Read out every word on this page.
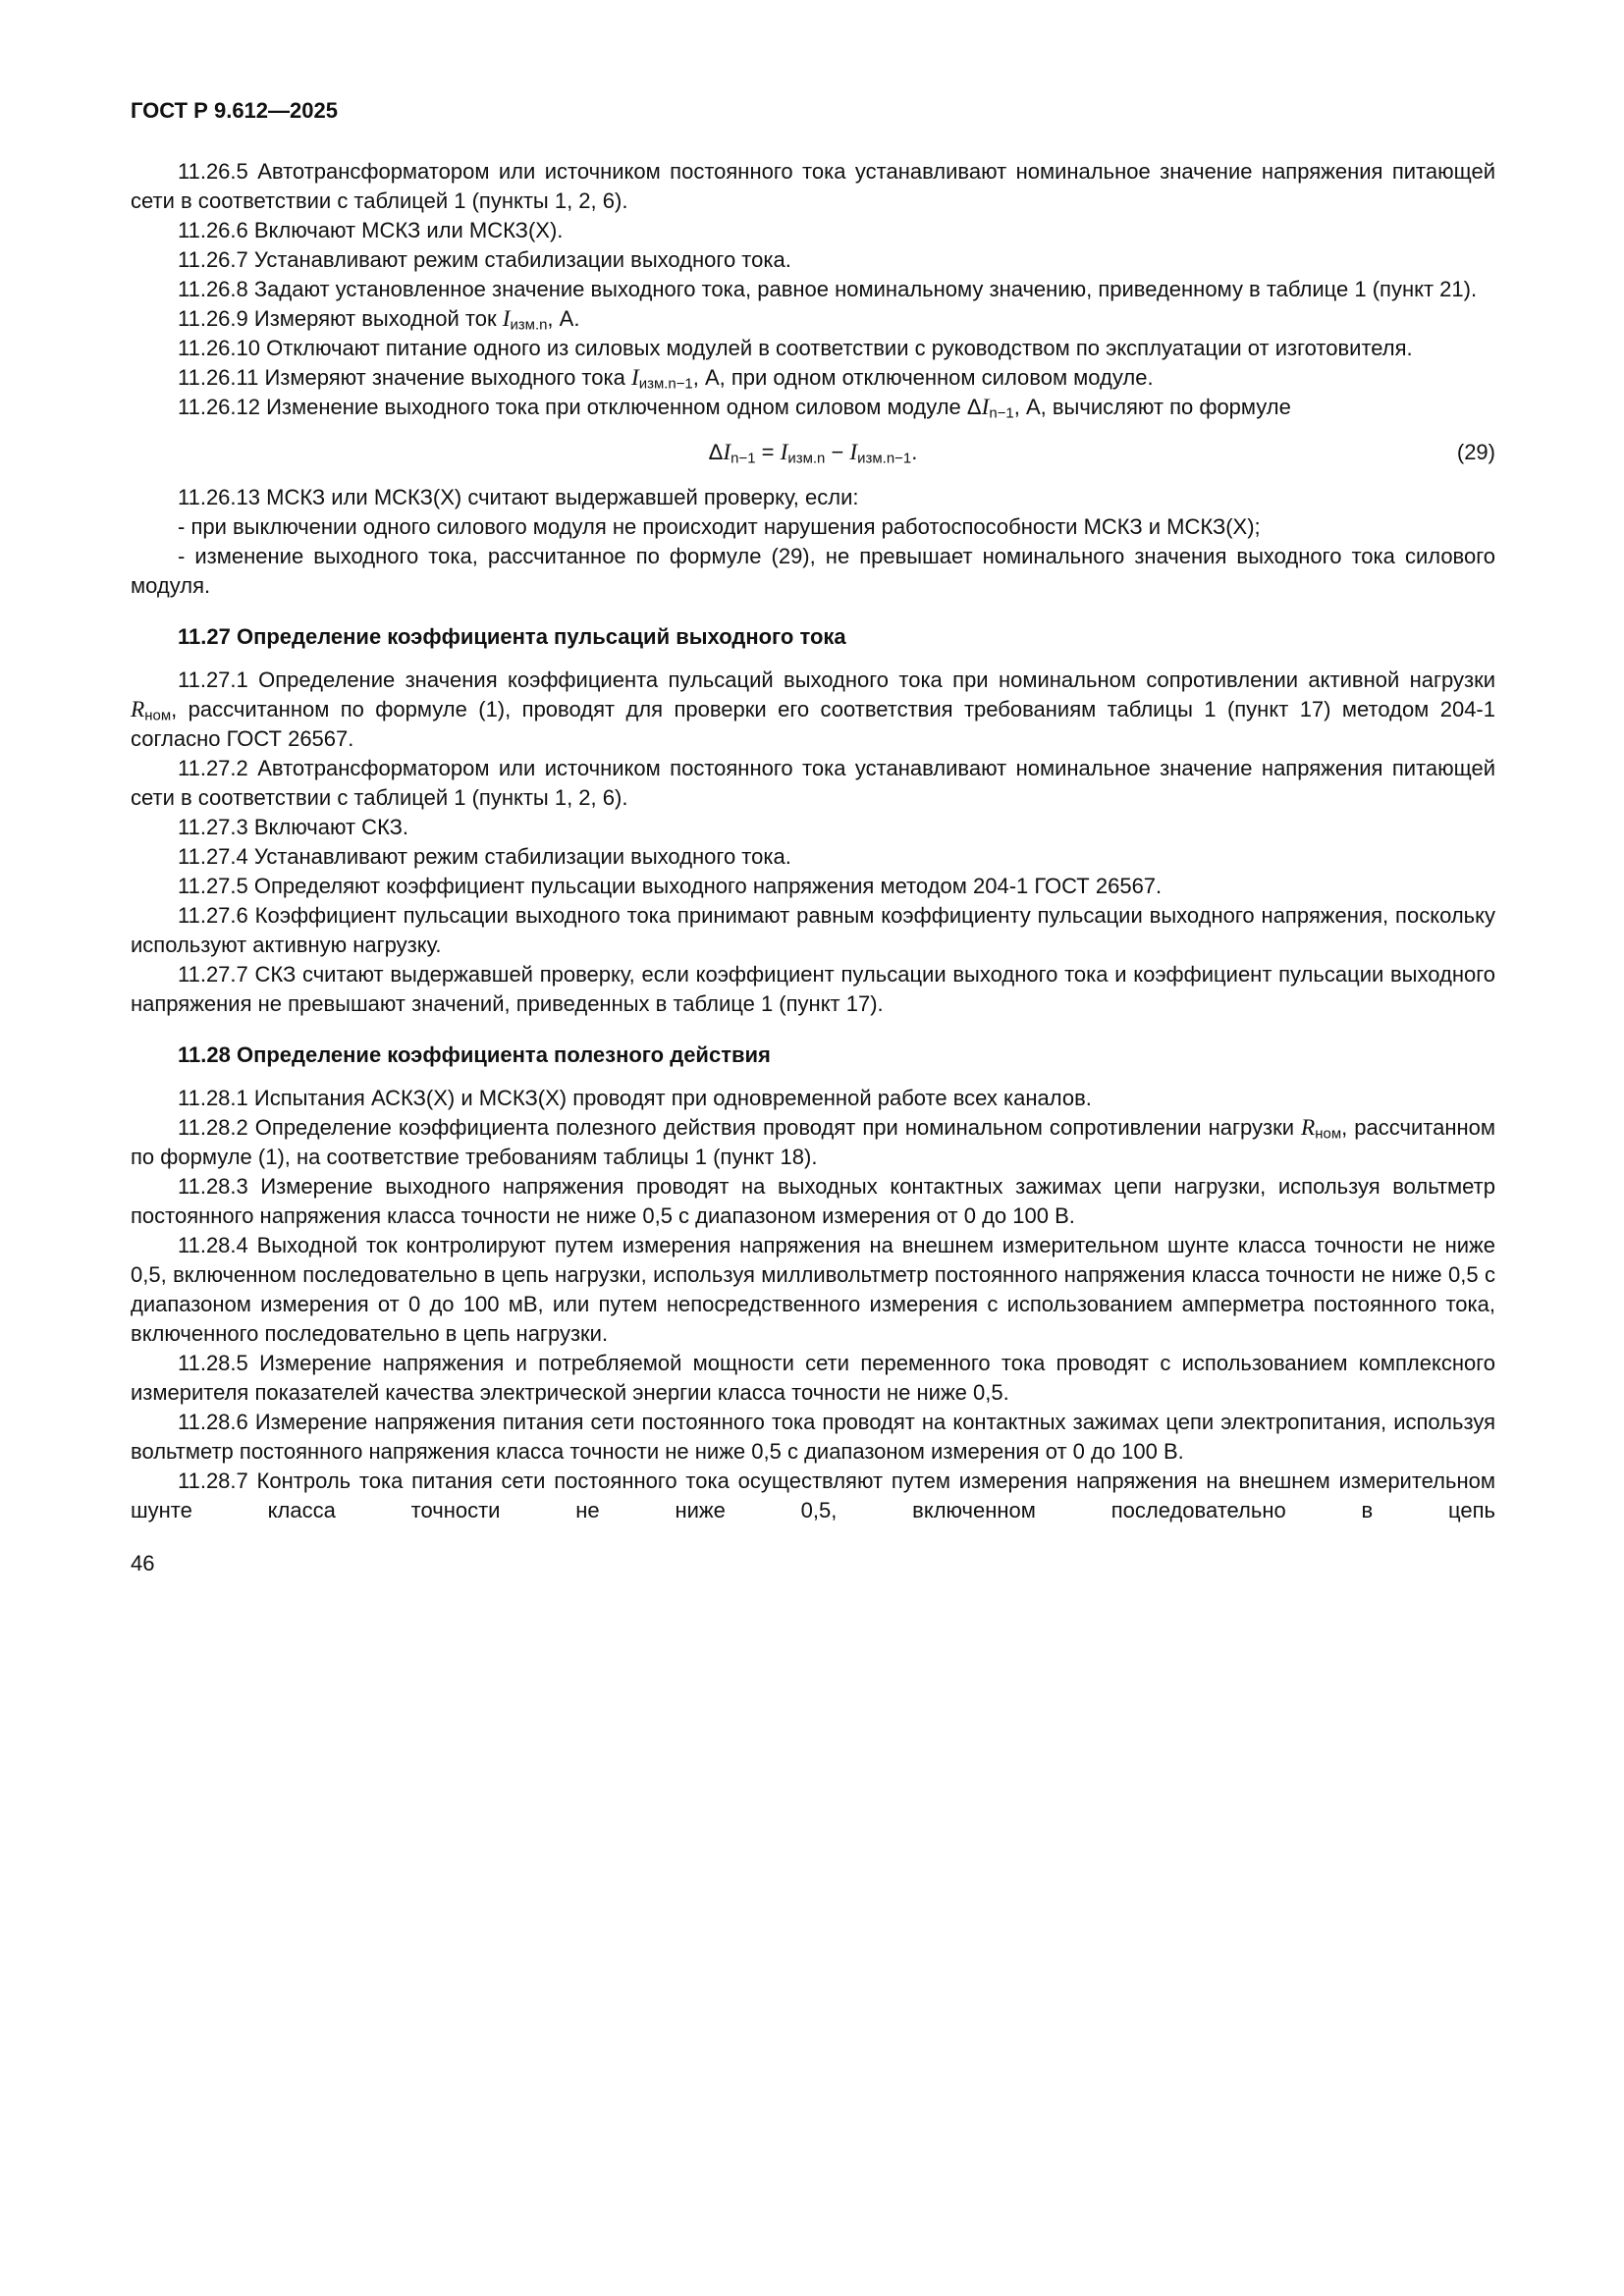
ГОСТ Р 9.612—2025

11.26.5 Автотрансформатором или источником постоянного тока устанавливают номинальное значение напряжения питающей сети в соответствии с таблицей 1 (пункты 1, 2, 6).

11.26.6 Включают МСКЗ или МСКЗ(Х).

11.26.7 Устанавливают режим стабилизации выходного тока.

11.26.8 Задают установленное значение выходного тока, равное номинальному значению, приведенному в таблице 1 (пункт 21).

11.26.9 Измеряют выходной ток $I_{изм.n}$, А.

11.26.10 Отключают питание одного из силовых модулей в соответствии с руководством по эксплуатации от изготовителя.

11.26.11 Измеряют значение выходного тока $I_{изм.n-1}$, А, при одном отключенном силовом модуле.

11.26.12 Изменение выходного тока при отключенном одном силовом модуле $\Delta I_{n-1}$, А, вычисляют по формуле

$\Delta I_{n-1} = I_{изм.n} - I_{изм.n-1}$.	(29)

11.26.13 МСКЗ или МСКЗ(Х) считают выдержавшей проверку, если:

- при выключении одного силового модуля не происходит нарушения работоспособности МСКЗ и МСКЗ(Х);

- изменение выходного тока, рассчитанное по формуле (29), не превышает номинального значения выходного тока силового модуля.

11.27 Определение коэффициента пульсаций выходного тока

11.27.1 Определение значения коэффициента пульсаций выходного тока при номинальном сопротивлении активной нагрузки $R_{ном}$, рассчитанном по формуле (1), проводят для проверки его соответствия требованиям таблицы 1 (пункт 17) методом 204-1 согласно ГОСТ 26567.

11.27.2 Автотрансформатором или источником постоянного тока устанавливают номинальное значение напряжения питающей сети в соответствии с таблицей 1 (пункты 1, 2, 6).

11.27.3 Включают СКЗ.

11.27.4 Устанавливают режим стабилизации выходного тока.

11.27.5 Определяют коэффициент пульсации выходного напряжения методом 204-1 ГОСТ 26567.

11.27.6 Коэффициент пульсации выходного тока принимают равным коэффициенту пульсации выходного напряжения, поскольку используют активную нагрузку.

11.27.7 СКЗ считают выдержавшей проверку, если коэффициент пульсации выходного тока и коэффициент пульсации выходного напряжения не превышают значений, приведенных в таблице 1 (пункт 17).

11.28 Определение коэффициента полезного действия

11.28.1 Испытания АСКЗ(Х) и МСКЗ(Х) проводят при одновременной работе всех каналов.

11.28.2 Определение коэффициента полезного действия проводят при номинальном сопротивлении нагрузки $R_{ном}$, рассчитанном по формуле (1), на соответствие требованиям таблицы 1 (пункт 18).

11.28.3 Измерение выходного напряжения проводят на выходных контактных зажимах цепи нагрузки, используя вольтметр постоянного напряжения класса точности не ниже 0,5 с диапазоном измерения от 0 до 100 В.

11.28.4 Выходной ток контролируют путем измерения напряжения на внешнем измерительном шунте класса точности не ниже 0,5, включенном последовательно в цепь нагрузки, используя милливольтметр постоянного напряжения класса точности не ниже 0,5 с диапазоном измерения от 0 до 100 мВ, или путем непосредственного измерения с использованием амперметра постоянного тока, включенного последовательно в цепь нагрузки.

11.28.5 Измерение напряжения и потребляемой мощности сети переменного тока проводят с использованием комплексного измерителя показателей качества электрической энергии класса точности не ниже 0,5.

11.28.6 Измерение напряжения питания сети постоянного тока проводят на контактных зажимах цепи электропитания, используя вольтметр постоянного напряжения класса точности не ниже 0,5 с диапазоном измерения от 0 до 100 В.

11.28.7 Контроль тока питания сети постоянного тока осуществляют путем измерения напряжения на внешнем измерительном шунте класса точности не ниже 0,5, включенном последовательно в цепь

46
